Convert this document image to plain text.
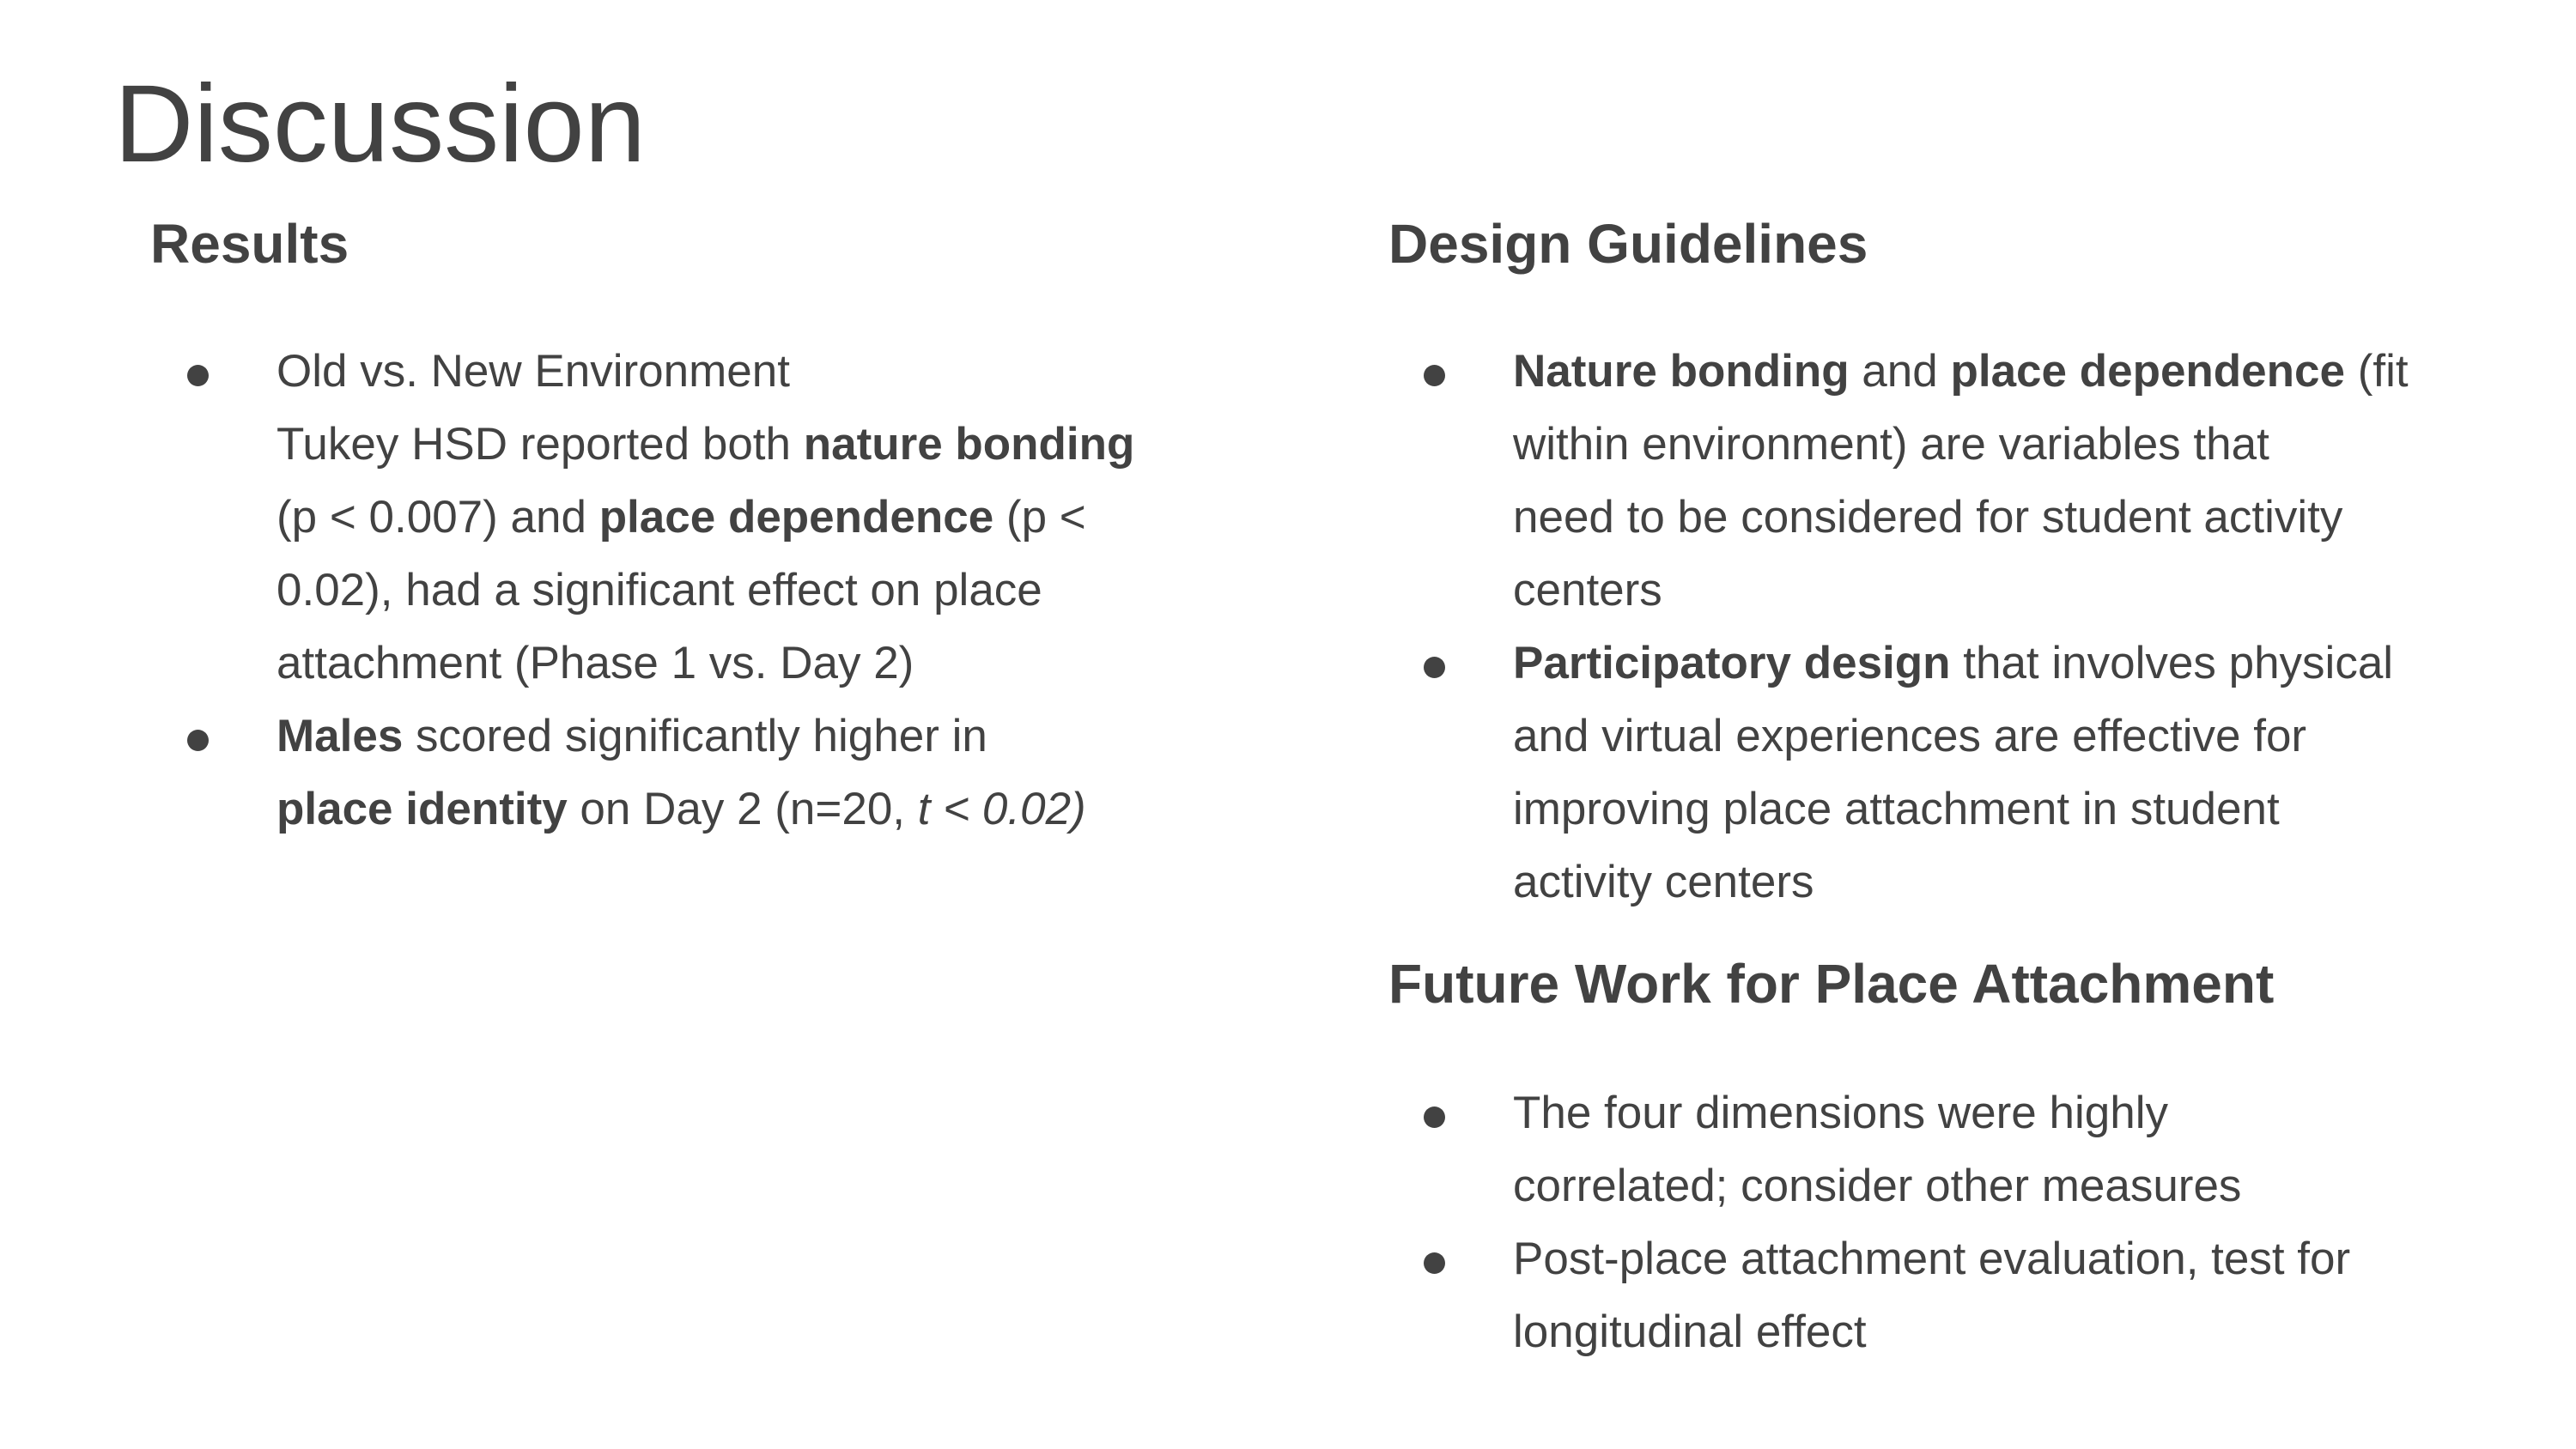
Discussion
Results
Old vs. New Environment
Tukey HSD reported both nature bonding
(p < 0.007) and place dependence (p <
0.02), had a significant effect on place
attachment (Phase 1 vs. Day 2)
Males scored significantly higher in
place identity on Day 2 (n=20, t < 0.02)
Design Guidelines
Nature bonding and place dependence (fit
within environment) are variables that
need to be considered for student activity
centers
Participatory design that involves physical
and virtual experiences are effective for
improving place attachment in student
activity centers
Future Work for Place Attachment
The four dimensions were highly
correlated; consider other measures
Post-place attachment evaluation, test for
longitudinal effect
